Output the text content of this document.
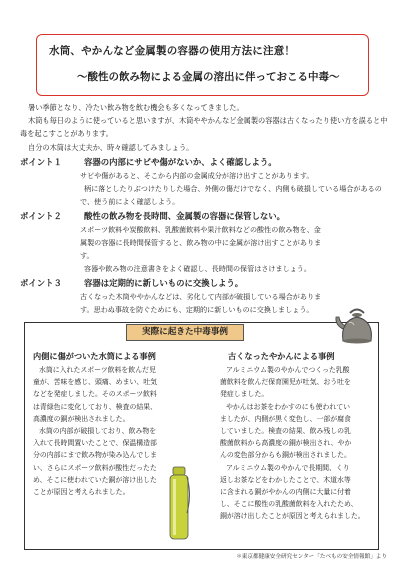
水筒、やかんなど金属製の容器の使用方法に注意！
～酸性の飲み物による金属の溶出に伴っておこる中毒～

暑い季節となり、冷たい飲み物を飲む機会も多くなってきました。

木筒も毎日のように使っていると思いますが、木筒ややかんなど金属製の容器は古くなったり使い方を誤ると中毒を起こすことがあります。

自分の木筒は大丈夫か、時々確認してみましょう。

ポイント１	容器の内部にサビや傷がないか、よく確認しよう。

サビや傷があると、そこから内部の金属成分が溶け出すことがあります。

柄に落としたりぶつけたりした場合、外側の傷だけでなく、内側も破損している場合があるので、使う前によく確認しよう。

ポイント２	酸性の飲み物を長時間、金属製の容器に保管しない。

スポーツ飲料や炭酸飲料、乳酸菌飲料や果汁飲料などの酸性の飲み物を、金

属製の容器に長時間保管すると、飲み物の中に金属が溶け出すことがありま

す。

容器や飲み物の注意書きをよく確認し、長時間の保管はさけましょう。

ポイント３	容器は定期的に新しいものに交換しよう。

古くなった木筒ややかんなどは、劣化して内部が破損している場合がありま

す。思わぬ事故を防ぐためにも、定期的に新しいものに交換しましょう。

実際に起きた中毒事例
内側に傷がついた水筒による事例

水筒に入れたスポーツ飲料を飲んだ児

童が、苦味を感じ、頭痛、めまい、吐気

などを発症しました。そのスポーツ飲料

は青緑色に変化しており、検査の結果、

高濃度の銅が検出されました。

水筒の内部が破損しており、飲み物を

入れて長時間置いたことで、保温構造部

分の内部にまで飲み物が染み込んでしま

い、さらにスポーツ飲料が酸性だったた

め、そこに使われていた銅が溶け出した

ことが原因と考えられました。

古くなったやかんによる事例

アルミニウム製のやかんでつくった乳酸

菌飲料を飲んだ保育園児が吐気、おう吐を

発症しました。

やかんはお茶をわかすのにも使われてい

ましたが、内側が黒く変色し、一部が腐食

していました。検査の結果、飲み残しの乳

酸菌飲料から高濃度の銅が検出され、やか

んの変色部分からも銅が検出されました。

アルミニウム製のやかんで長期間、くり

返しお茶などをわかしたことで、木道水等

に含まれる銅がやかんの内側に大量に付着

し、そこに酸性の乳酸菌飲料を入れたため、

銅が溶け出したことが原因と考えられました。

＊東京都健康安全研究センター「たべもの安全情報館」より
